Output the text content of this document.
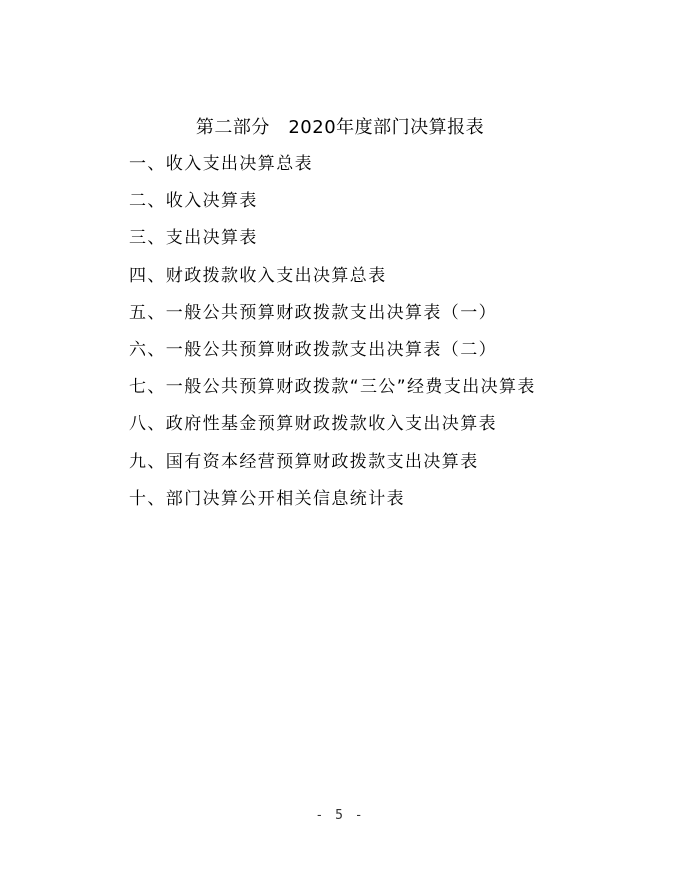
第二部分　2020年度部门决算报表
一、收入支出决算总表
二、收入决算表
三、支出决算表
四、财政拨款收入支出决算总表
五、一般公共预算财政拨款支出决算表（一）
六、一般公共预算财政拨款支出决算表（二）
七、一般公共预算财政拨款“三公”经费支出决算表
八、政府性基金预算财政拨款收入支出决算表
九、国有资本经营预算财政拨款支出决算表
十、部门决算公开相关信息统计表
- 5 -
